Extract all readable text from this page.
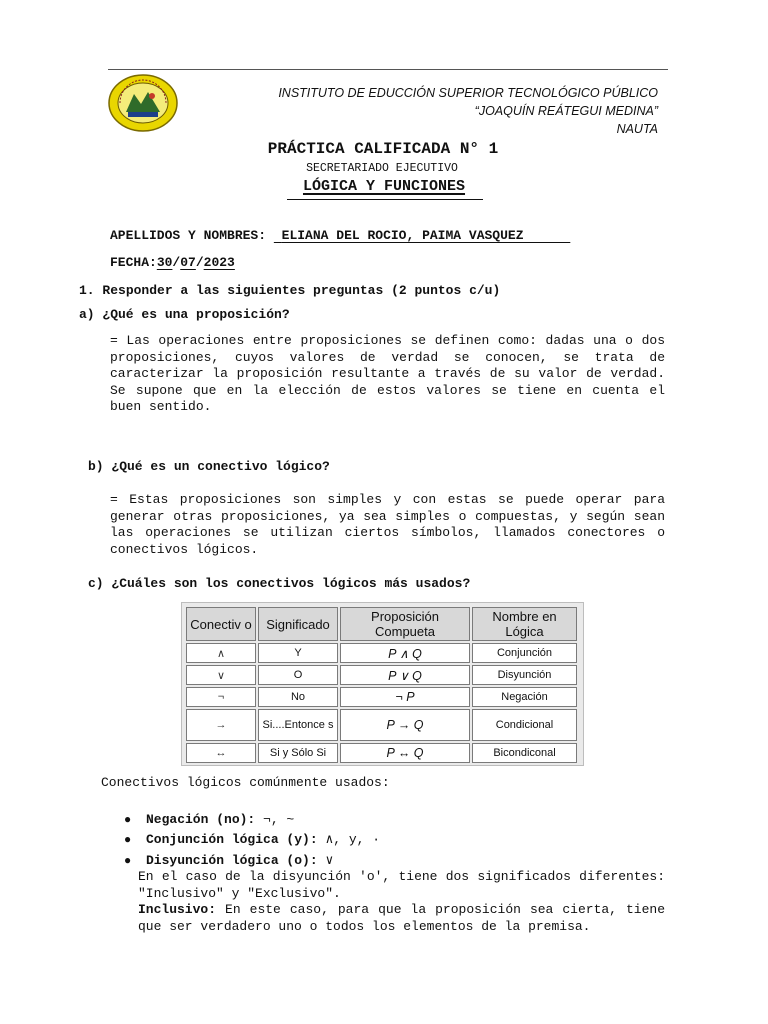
INSTITUTO DE EDUCCIÓN SUPERIOR TECNOLÓGICO PÚBLICO
“JOAQUÍN REÁTEGUI MEDINA”
NAUTA
PRÁCTICA CALIFICADA N° 1
SECRETARIADO EJECUTIVO
LÓGICA Y FUNCIONES
APELLIDOS Y NOMBRES: ELIANA DEL ROCIO, PAIMA VASQUEZ
FECHA:30/07/2023
1. Responder a las siguientes preguntas (2 puntos c/u)
a) ¿Qué es una proposición?
= Las operaciones entre proposiciones se definen como: dadas una o dos proposiciones, cuyos valores de verdad se conocen, se trata de caracterizar la proposición resultante a través de su valor de verdad. Se supone que en la elección de estos valores se tiene en cuenta el buen sentido.
b) ¿Qué es un conectivo lógico?
= Estas proposiciones son simples y con estas se puede operar para generar otras proposiciones, ya sea simples o compuestas, y según sean las operaciones se utilizan ciertos símbolos, llamados conectores o conectivos lógicos.
c) ¿Cuáles son los conectivos lógicos más usados?
Conectiv o	Significado	Proposición Compueta	Nombre en Lógica
∧	Y	P ∧ Q	Conjunción
∨	O	P ∨ Q	Disyunción
¬	No	¬ P	Negación
→	Si....Entonce s	P → Q	Condicional
↔	Si y Sólo Si	P ↔ Q	Bicondiconal
Conectivos lógicos comúnmente usados:
● Negación (no): ¬, ~
● Conjunción lógica (y): ∧, y, ·
● Disyunción lógica (o): ∨
En el caso de la disyunción 'o', tiene dos significados diferentes: "Inclusivo" y "Exclusivo".
Inclusivo: En este caso, para que la proposición sea cierta, tiene que ser verdadero uno o todos los elementos de la premisa.
